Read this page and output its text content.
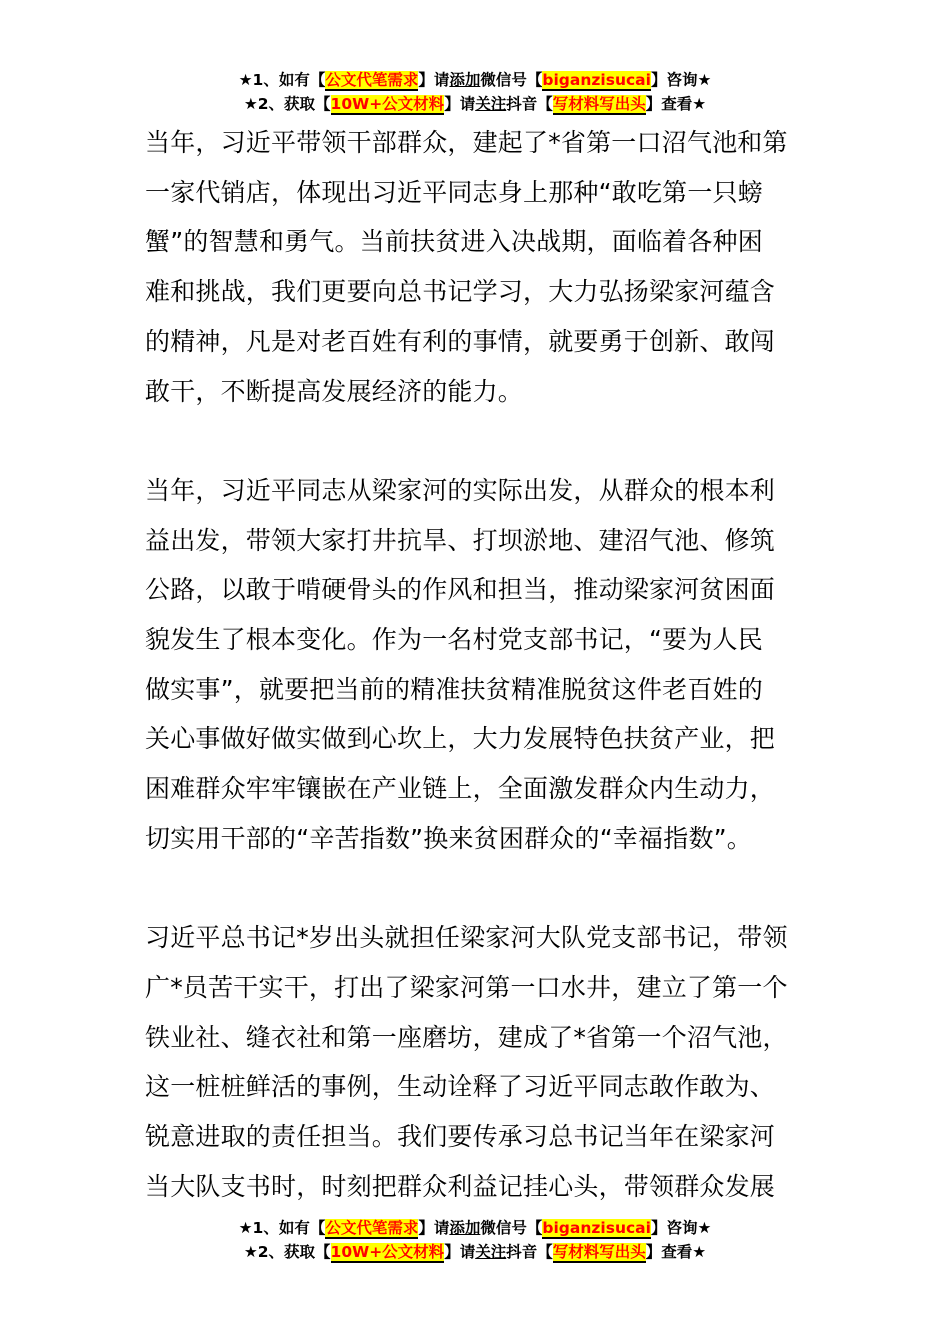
★1、如有【公文代笔需求】请添加微信号【biganzisucai】咨询★
★2、获取【10W+公文材料】请关注抖音【写材料写出头】查看★

当年，习近平带领干部群众，建起了*省第一口沼气池和第
一家代销店，体现出习近平同志身上那种“敢吃第一只螃
蟹”的智慧和勇气。当前扶贫进入决战期，面临着各种困
难和挑战，我们更要向总书记学习，大力弘扬梁家河蕴含
的精神，凡是对老百姓有利的事情，就要勇于创新、敢闯
敢干，不断提高发展经济的能力。

当年，习近平同志从梁家河的实际出发，从群众的根本利
益出发，带领大家打井抗旱、打坝淤地、建沼气池、修筑
公路，以敢于啃硬骨头的作风和担当，推动梁家河贫困面
貌发生了根本变化。作为一名村党支部书记，“要为人民
做实事”，就要把当前的精准扶贫精准脱贫这件老百姓的
关心事做好做实做到心坎上，大力发展特色扶贫产业，把
困难群众牢牢镶嵌在产业链上，全面激发群众内生动力，
切实用干部的“辛苦指数”换来贫困群众的“幸福指数”。

习近平总书记*岁出头就担任梁家河大队党支部书记，带领
广*员苦干实干，打出了梁家河第一口水井，建立了第一个
铁业社、缝衣社和第一座磨坊，建成了*省第一个沼气池，
这一桩桩鲜活的事例，生动诠释了习近平同志敢作敢为、
锐意进取的责任担当。我们要传承习总书记当年在梁家河
当大队支书时，时刻把群众利益记挂心头，带领群众发展

★1、如有【公文代笔需求】请添加微信号【biganzisucai】咨询★
★2、获取【10W+公文材料】请关注抖音【写材料写出头】查看★
